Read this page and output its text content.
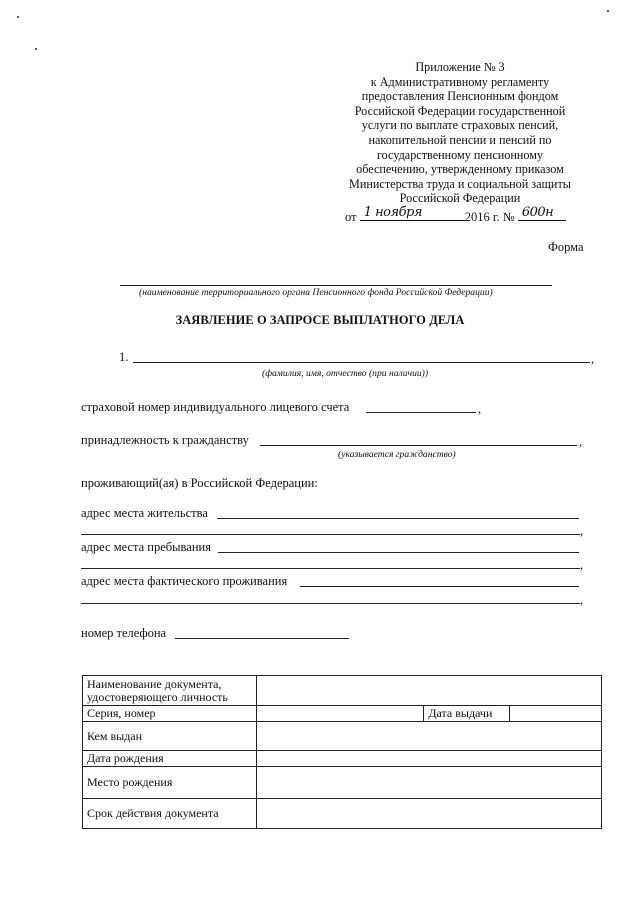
Приложение № 3
к Административному регламенту
предоставления Пенсионным фондом
Российской Федерации государственной
услуги по выплате страховых пенсий,
накопительной пенсии и пенсий по
государственному пенсионному
обеспечению, утвержденному приказом
Министерства труда и социальной защиты
Российской Федерации
от 1 ноября	2016 г. № 600н
Форма
(наименование территориального органа Пенсионного фонда Российской Федерации)
ЗАЯВЛЕНИЕ О ЗАПРОСЕ ВЫПЛАТНОГО ДЕЛА
1.	,
(фамилия, имя, отчество (при наличии))
страховой номер индивидуального лицевого счета	,
принадлежность к гражданству	,
(указывается гражданство)
проживающий(ая) в Российской Федерации:
адрес места жительства
,
адрес места пребывания
,
адрес места фактического проживания
,
номер телефона
Наименование документа, удостоверяющего личность			
Серия, номер		Дата выдачи	
Кем выдан			
Дата рождения			
Место рождения			
Срок действия документа			
